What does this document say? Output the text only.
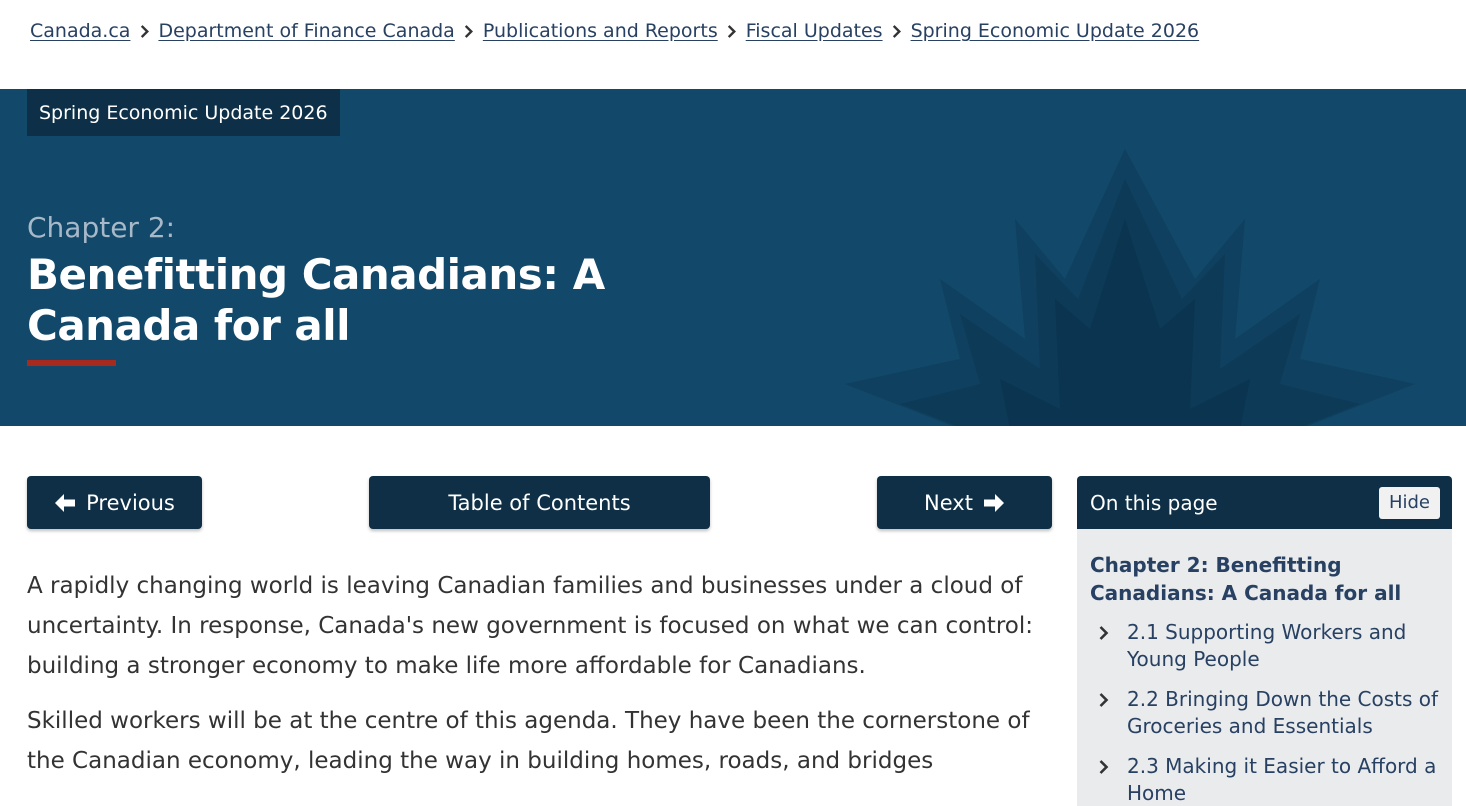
Canada.ca Department of Finance Canada Publications and Reports Fiscal Updates Spring Economic Update 2026
Spring Economic Update 2026
Chapter 2:
Benefitting Canadians: A Canada for all
Previous	Table of Contents	Next

A rapidly changing world is leaving Canadian families and businesses under a cloud of uncertainty. In response, Canada's new government is focused on what we can control: building a stronger economy to make life more affordable for Canadians.

Skilled workers will be at the centre of this agenda. They have been the cornerstone of the Canadian economy, leading the way in building homes, roads, and bridges

On this page	Hide
Chapter 2: Benefitting Canadians: A Canada for all
2.1 Supporting Workers and Young People
2.2 Bringing Down the Costs of Groceries and Essentials
2.3 Making it Easier to Afford a Home
